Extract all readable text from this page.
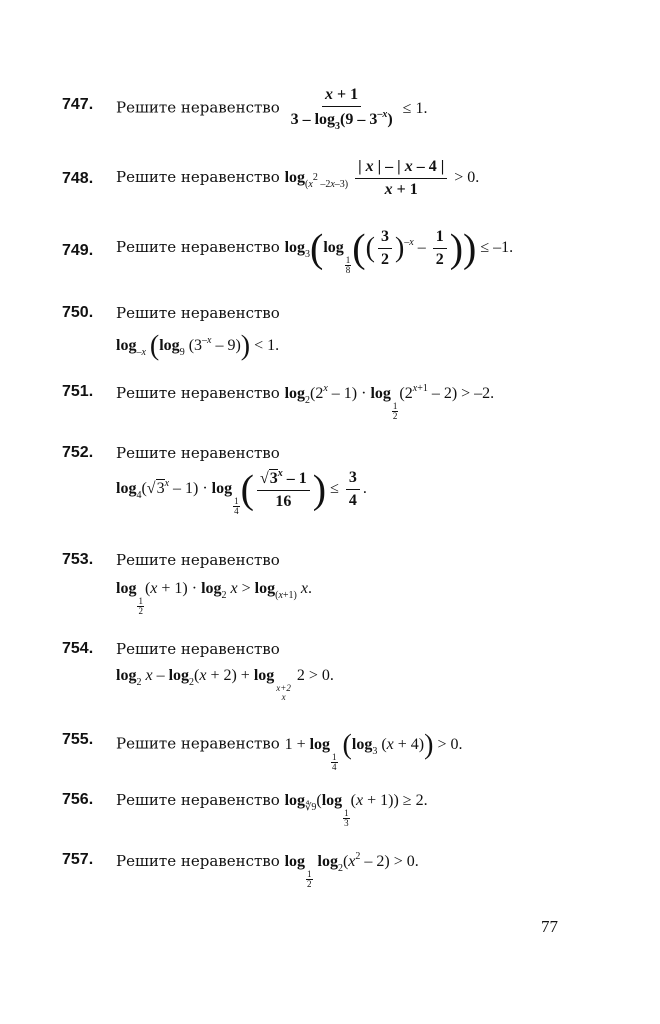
747. Решите неравенство $\frac{x + 1}{3 - \log_3(9 - 3^{-x})} \le 1$.
748. Решите неравенство $\log_{(x^2 -2x-3)} \frac{| x | - | x - 4 |}{x + 1} > 0$.
749. Решите неравенство $\log_3(\log$
$\frac{1}{8}$ (( $\frac{3}{2} )^{-x} - \frac{1}{2}$ )) ≤ –1.
750. Решите неравенство
$\log_{-x} (\log_9$ $(3^{-x} - 9)) < 1$.
751. Решите неравенство $\log_2(2^x - 1) \cdot \log$
$\frac{1}{2}$
$(2^{x+1} - 2) > -2$.
752. Решите неравенство
$\log_4(√3^x - 1) \cdot \log$
$\frac{1}{4}$ ( $\frac{√3^x - 1}{16}$ ) ≤ $\frac{3}{4}$ .
753. Решите неравенство
log
$\frac{1}{2}$
$(x + 1) \cdot \log_2 x > \log_{(x+1)} x$.
754. Решите неравенство
$\log_2 x - \log_2(x + 2) + \log$
x+2
x
2 > 0.
755. Решите неравенство 1 + log
$\frac{1}{4}$
($\log_3$ (x + 4)) > 0.
756. Решите неравенство $\log_{∜9}(\log$
$\frac{1}{3}$
(x + 1)) ≥ 2.
757. Решите неравенство log
$\frac{1}{2}$
$\log_2(x^2 - 2) > 0$.
77
